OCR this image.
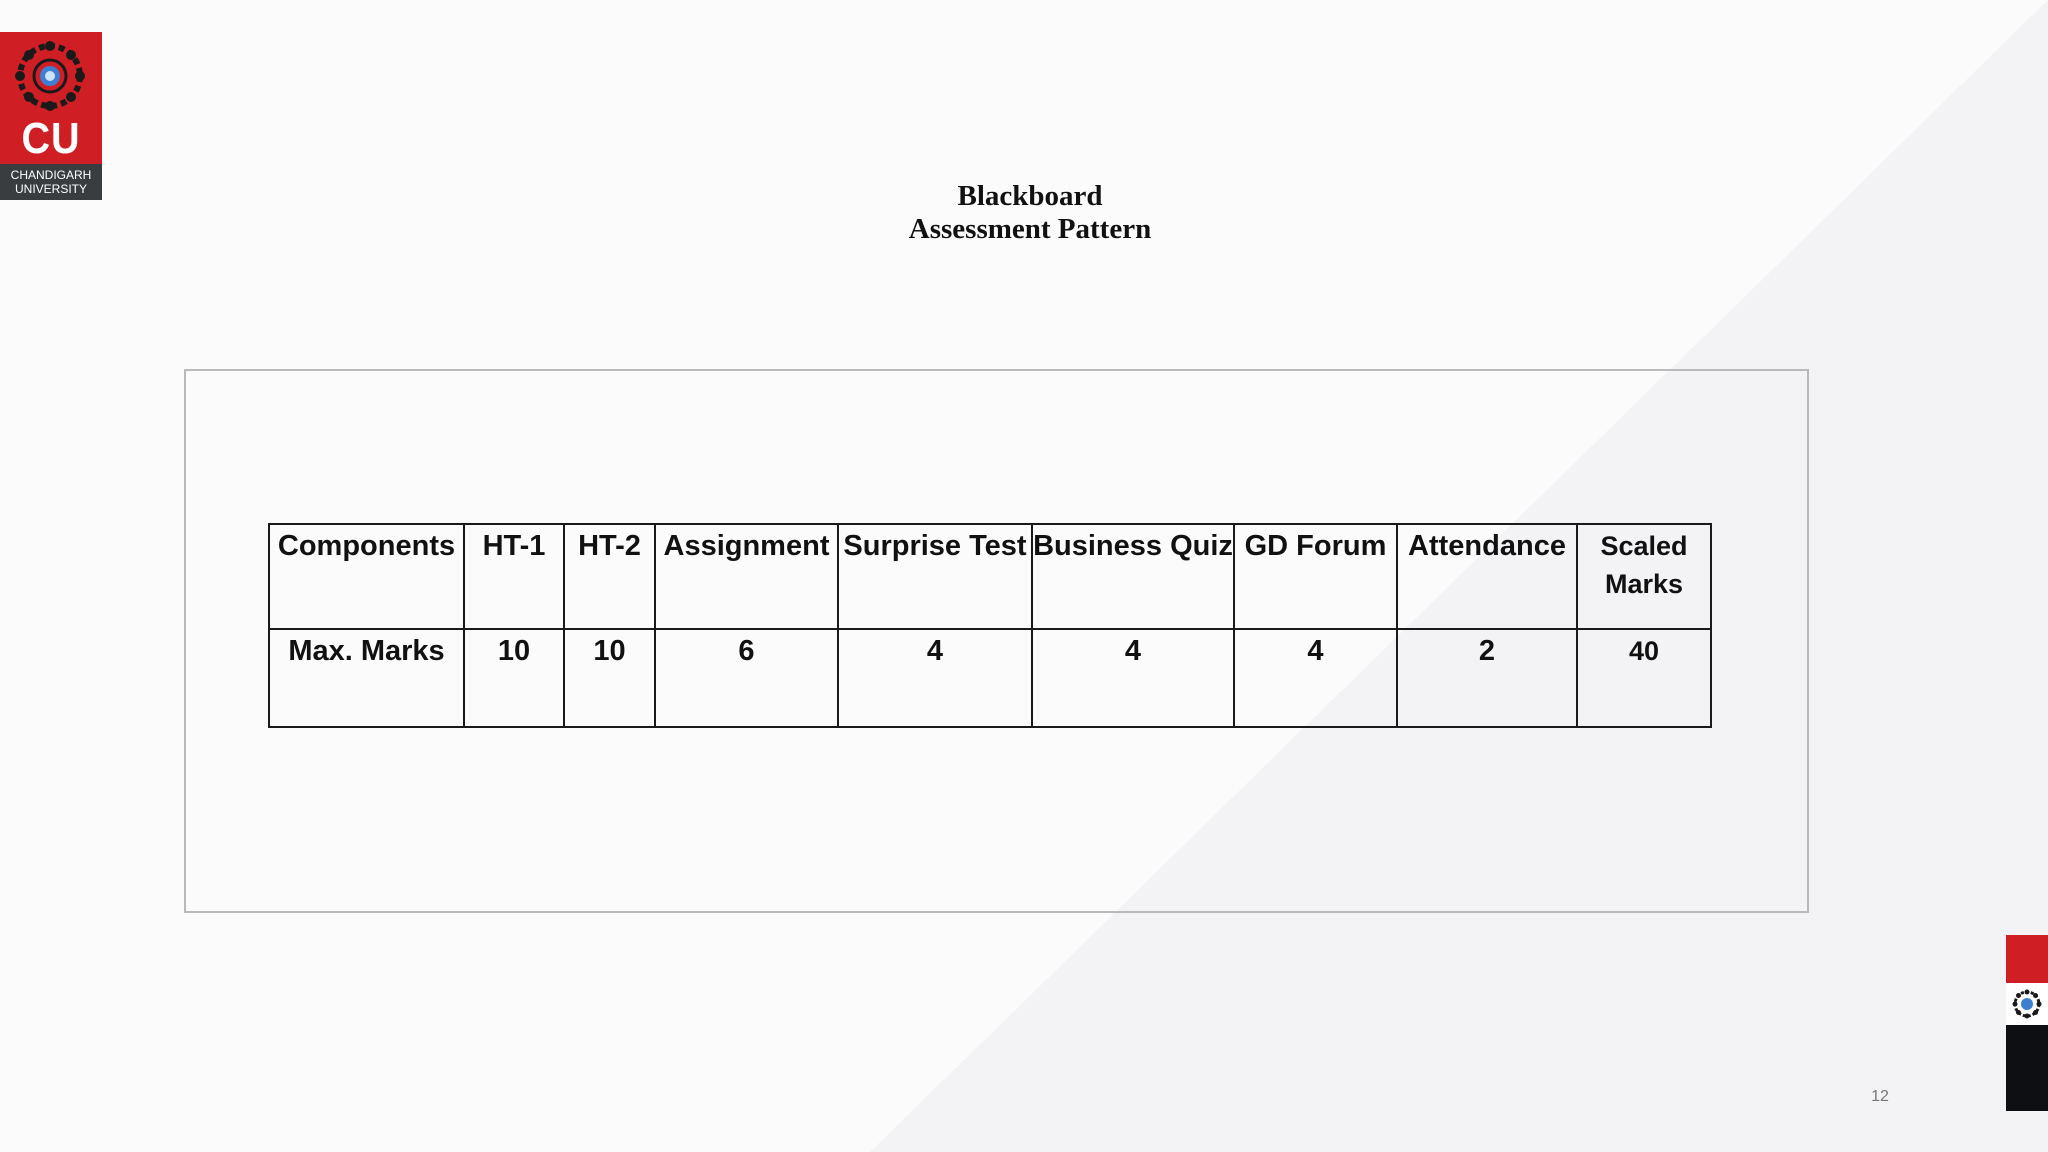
CU
CHANDIGARH
UNIVERSITY	Blackboard
Assessment Pattern
Components	HT-1	HT-2	Assignment	Surprise Test	Business Quiz	GD Forum	Attendance	Scaled Marks
Max. Marks	10	10	6	4	4	4	2	40
12
